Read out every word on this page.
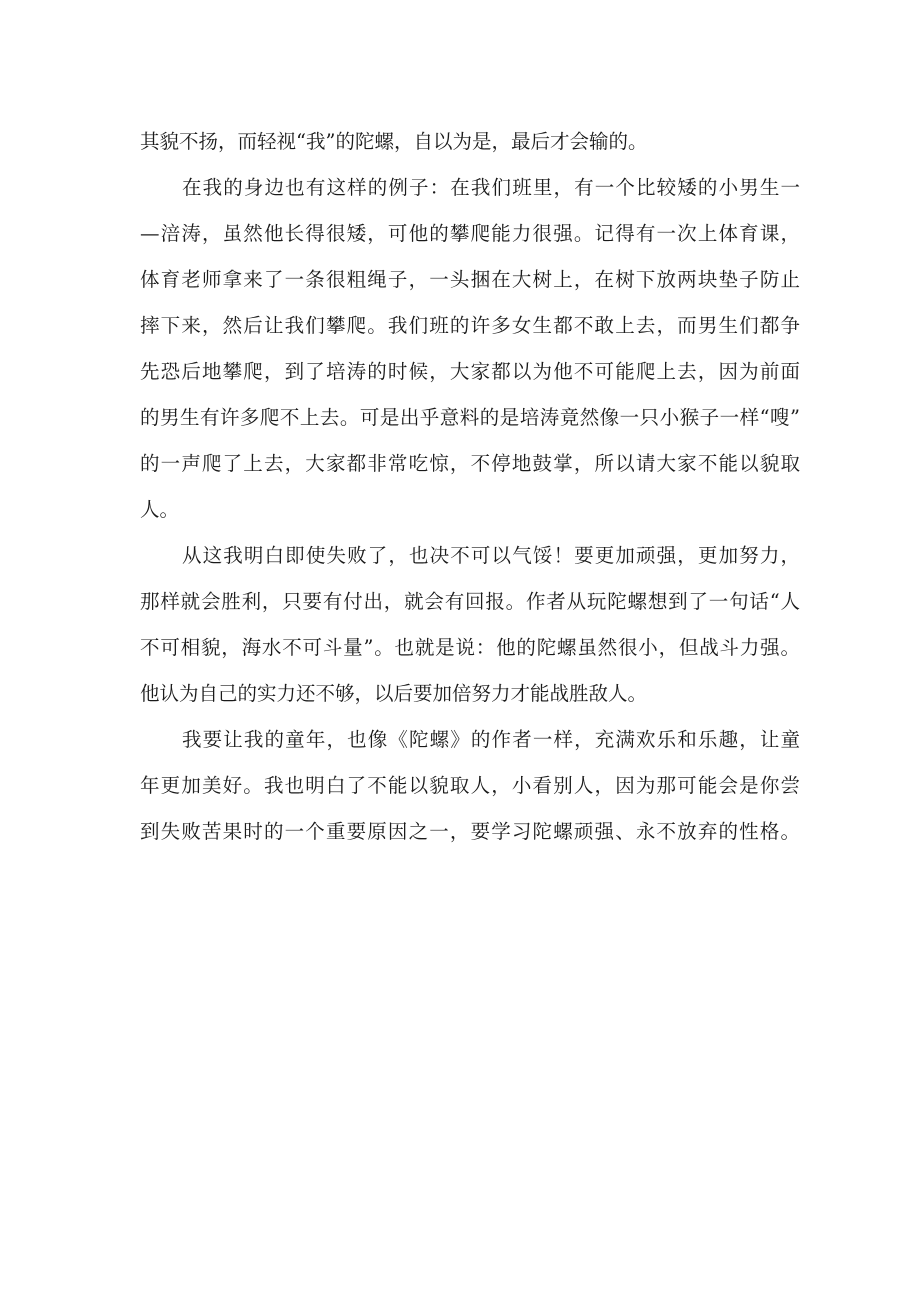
其貌不扬，而轻视“我”的陀螺，自以为是，最后才会输的。
在我的身边也有这样的例子：在我们班里，有一个比较矮的小男生一
—涪涛，虽然他长得很矮，可他的攀爬能力很强。记得有一次上体育课，
体育老师拿来了一条很粗绳子，一头捆在大树上，在树下放两块垫子防止
摔下来，然后让我们攀爬。我们班的许多女生都不敢上去，而男生们都争
先恐后地攀爬，到了培涛的时候，大家都以为他不可能爬上去，因为前面
的男生有许多爬不上去。可是出乎意料的是培涛竟然像一只小猴子一样“嗖”
的一声爬了上去，大家都非常吃惊，不停地鼓掌，所以请大家不能以貌取
人。
从这我明白即使失败了，也决不可以气馁！要更加顽强，更加努力，
那样就会胜利，只要有付出，就会有回报。作者从玩陀螺想到了一句话“人
不可相貌，海水不可斗量”。也就是说：他的陀螺虽然很小，但战斗力强。
他认为自己的实力还不够，以后要加倍努力才能战胜敌人。
我要让我的童年，也像《陀螺》的作者一样，充满欢乐和乐趣，让童
年更加美好。我也明白了不能以貌取人，小看别人，因为那可能会是你尝
到失败苦果时的一个重要原因之一，要学习陀螺顽强、永不放弃的性格。
